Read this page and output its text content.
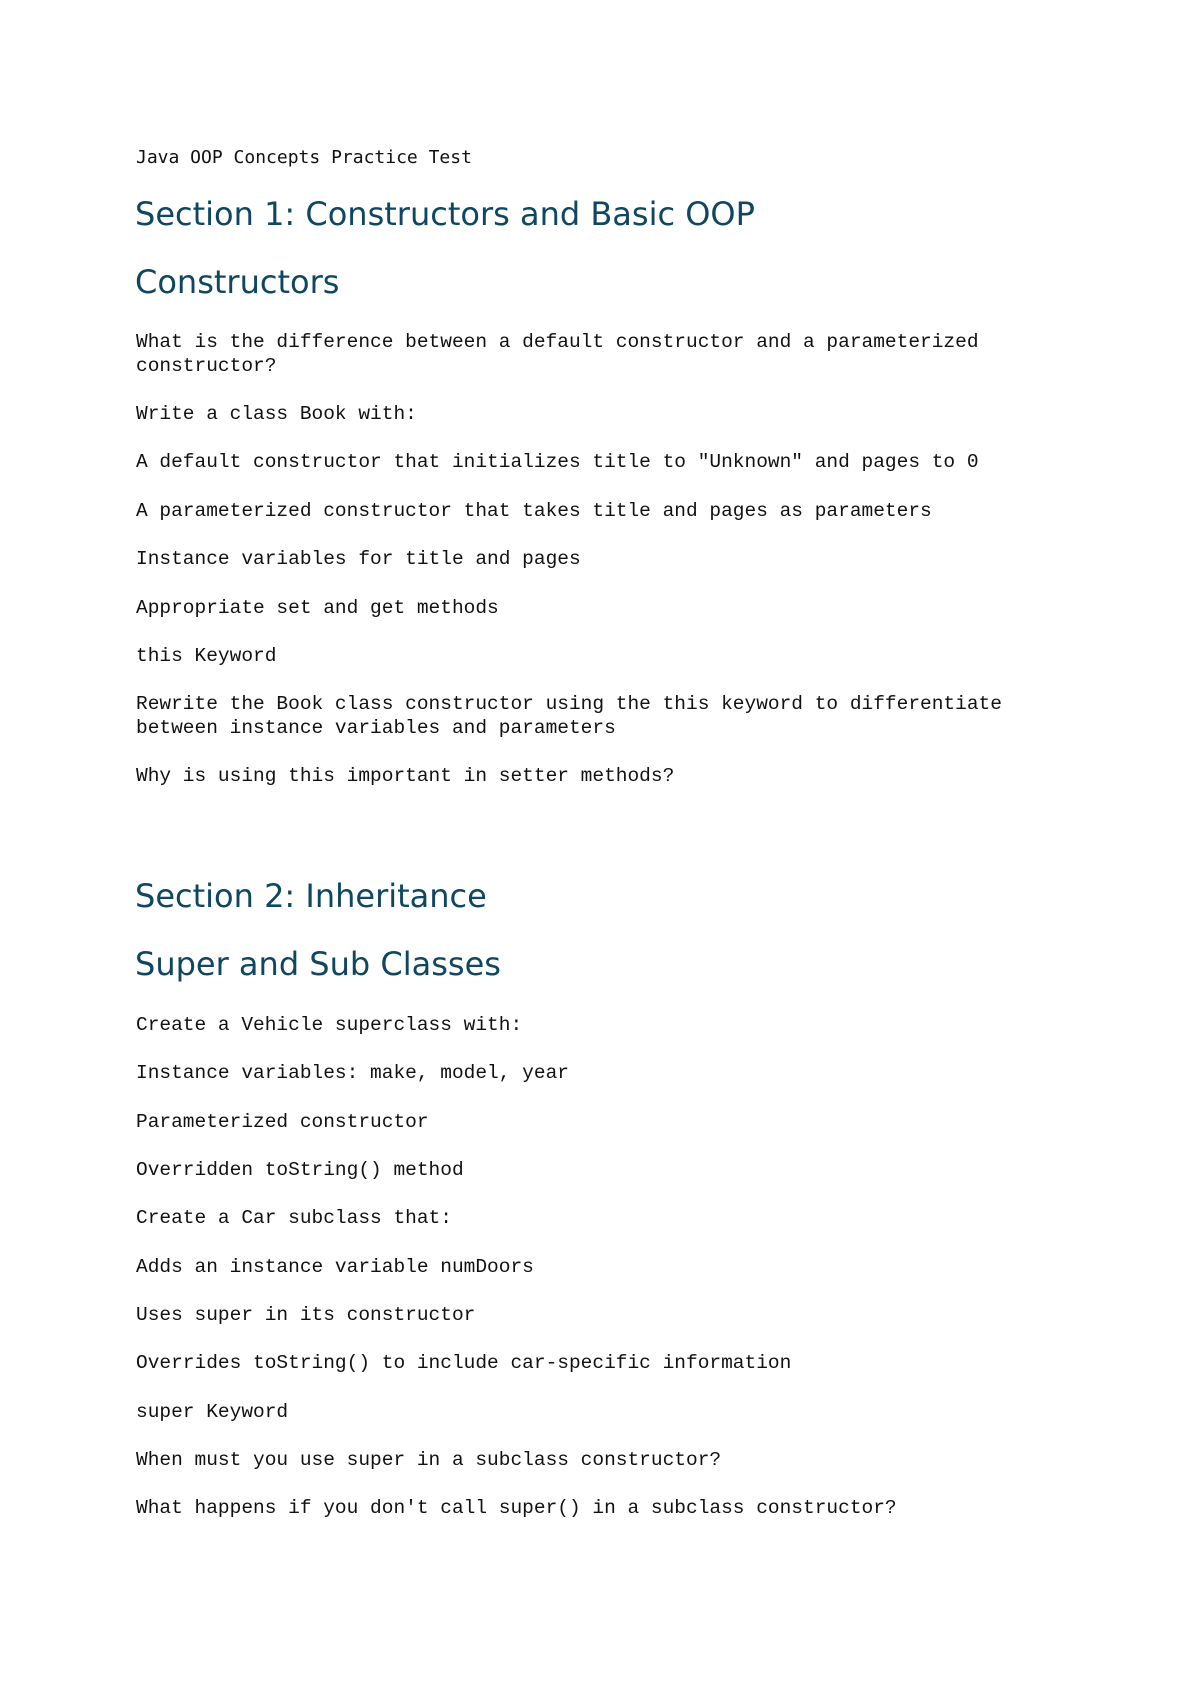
Java OOP Concepts Practice Test
Section 1: Constructors and Basic OOP
Constructors

What is the difference between a default constructor and a parameterized constructor?

Write a class Book with:

A default constructor that initializes title to "Unknown" and pages to 0

A parameterized constructor that takes title and pages as parameters

Instance variables for title and pages

Appropriate set and get methods

this Keyword

Rewrite the Book class constructor using the this keyword to differentiate between instance variables and parameters

Why is using this important in setter methods?

Section 2: Inheritance
Super and Sub Classes

Create a Vehicle superclass with:

Instance variables: make, model, year

Parameterized constructor

Overridden toString() method

Create a Car subclass that:

Adds an instance variable numDoors

Uses super in its constructor

Overrides toString() to include car-specific information

super Keyword

When must you use super in a subclass constructor?

What happens if you don't call super() in a subclass constructor?
